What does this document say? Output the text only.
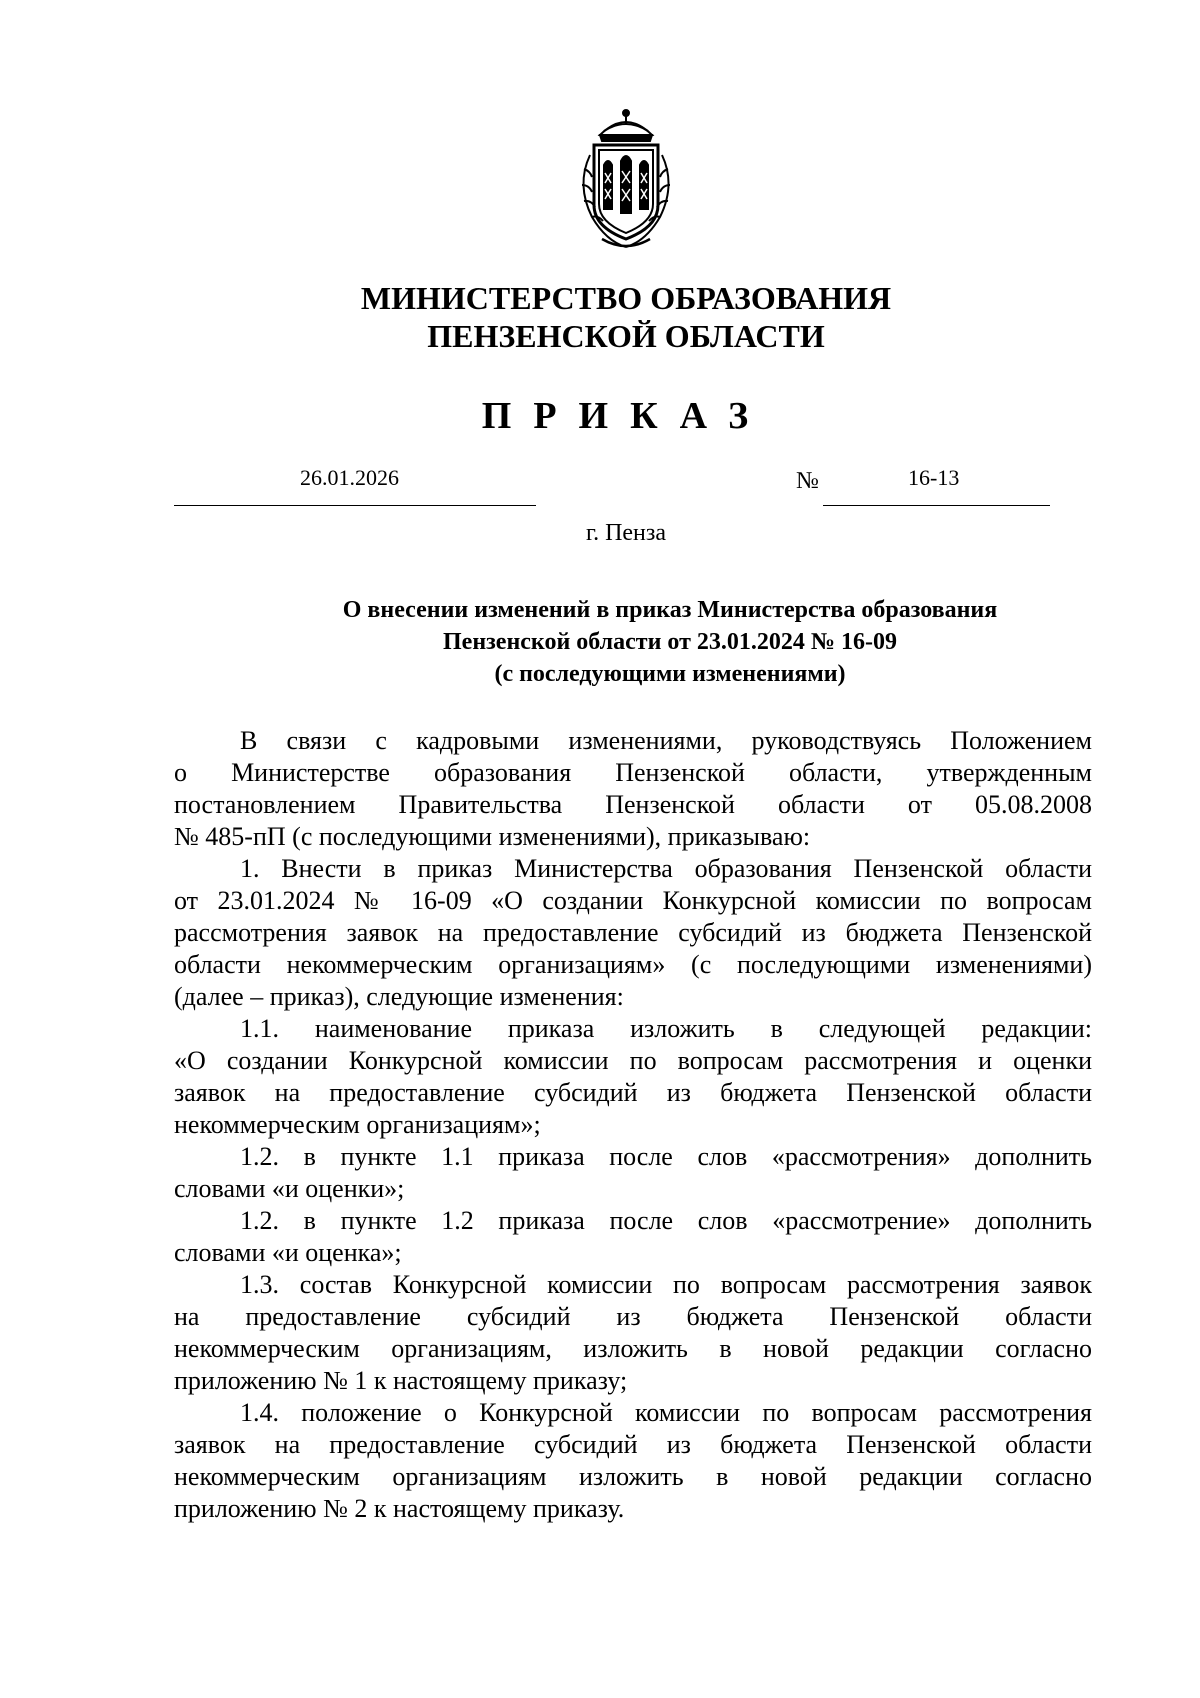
МИНИСТЕРСТВО ОБРАЗОВАНИЯ
ПЕНЗЕНСКОЙ ОБЛАСТИ
ПРИКАЗ
26.01.2026	№	16-13
г. Пенза
О внесении изменений в приказ Министерства образования
Пензенской области от 23.01.2024 № 16-09
(с последующими изменениями)
В связи с кадровыми изменениями, руководствуясь Положением
о Министерстве образования Пензенской области, утвержденным
постановлением Правительства Пензенской области от 05.08.2008
№ 485-пП (с последующими изменениями), приказываю:
1. Внести в приказ Министерства образования Пензенской области
от 23.01.2024 № 16-09 «О создании Конкурсной комиссии по вопросам
рассмотрения заявок на предоставление субсидий из бюджета Пензенской
области некоммерческим организациям» (с последующими изменениями)
(далее – приказ), следующие изменения:
1.1. наименование приказа изложить в следующей редакции:
«О создании Конкурсной комиссии по вопросам рассмотрения и оценки
заявок на предоставление субсидий из бюджета Пензенской области
некоммерческим организациям»;
1.2. в пункте 1.1 приказа после слов «рассмотрения» дополнить
словами «и оценки»;
1.2. в пункте 1.2 приказа после слов «рассмотрение» дополнить
словами «и оценка»;
1.3. состав Конкурсной комиссии по вопросам рассмотрения заявок
на предоставление субсидий из бюджета Пензенской области
некоммерческим организациям, изложить в новой редакции согласно
приложению № 1 к настоящему приказу;
1.4. положение о Конкурсной комиссии по вопросам рассмотрения
заявок на предоставление субсидий из бюджета Пензенской области
некоммерческим организациям изложить в новой редакции согласно
приложению № 2 к настоящему приказу.
